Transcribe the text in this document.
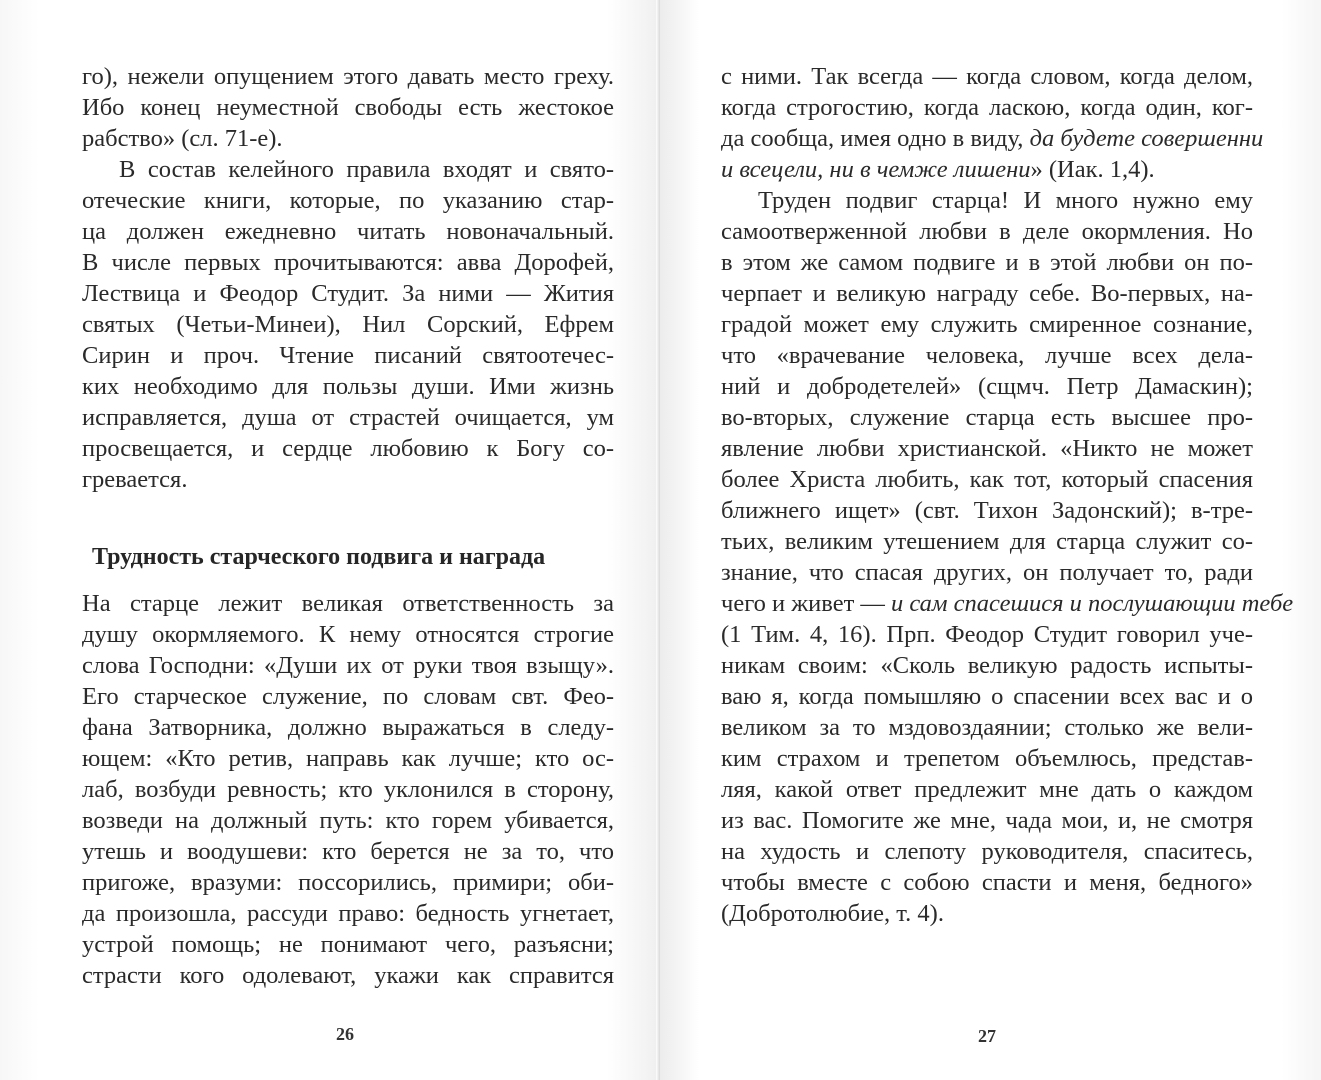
го), нежели опущением этого давать место греху.
Ибо конец неуместной свободы есть жестокое
рабство» (сл. 71-е).
В состав келейного правила входят и свято-
отеческие книги, которые, по указанию стар-
ца должен ежедневно читать новоначальный.
В числе первых прочитываются: авва Дорофей,
Лествица и Феодор Студит. За ними — Жития
святых (Четьи-Минеи), Нил Сорский, Ефрем
Сирин и проч. Чтение писаний святоотечес-
ких необходимо для пользы души. Ими жизнь
исправляется, душа от страстей очищается, ум
просвещается, и сердце любовию к Богу со-
гревается.
Трудность старческого подвига и награда
На старце лежит великая ответственность за
душу окормляемого. К нему относятся строгие
слова Господни: «Души их от руки твоя взыщу».
Его старческое служение, по словам свт. Фео-
фана Затворника, должно выражаться в следу-
ющем: «Кто ретив, направь как лучше; кто ос-
лаб, возбуди ревность; кто уклонился в сторону,
возведи на должный путь: кто горем убивается,
утешь и воодушеви: кто берется не за то, что
пригоже, вразуми: поссорились, примири; оби-
да произошла, рассуди право: бедность угнетает,
устрой помощь; не понимают чего, разъясни;
страсти кого одолевают, укажи как справится
26
с ними. Так всегда — когда словом, когда делом,
когда строгостию, когда ласкою, когда один, ког-
да сообща, имея одно в виду, да будете совершенни
и всецели, ни в чемже лишени» (Иак. 1,4).
Труден подвиг старца! И много нужно ему
самоотверженной любви в деле окормления. Но
в этом же самом подвиге и в этой любви он по-
черпает и великую награду себе. Во-первых, на-
градой может ему служить смиренное сознание,
что «врачевание человека, лучше всех дела-
ний и добродетелей» (сщмч. Петр Дамаскин);
во-вторых, служение старца есть высшее про-
явление любви христианской. «Никто не может
более Христа любить, как тот, который спасения
ближнего ищет» (свт. Тихон Задонский); в-тре-
тьих, великим утешением для старца служит со-
знание, что спасая других, он получает то, ради
чего и живет — и сам спасешися и послушающии тебе
(1 Тим. 4, 16). Прп. Феодор Студит говорил уче-
никам своим: «Сколь великую радость испыты-
ваю я, когда помышляю о спасении всех вас и о
великом за то мздовоздаянии; столько же вели-
ким страхом и трепетом объемлюсь, представ-
ляя, какой ответ предлежит мне дать о каждом
из вас. Помогите же мне, чада мои, и, не смотря
на худость и слепоту руководителя, спаситесь,
чтобы вместе с собою спасти и меня, бедного»
(Добротолюбие, т. 4).
27
